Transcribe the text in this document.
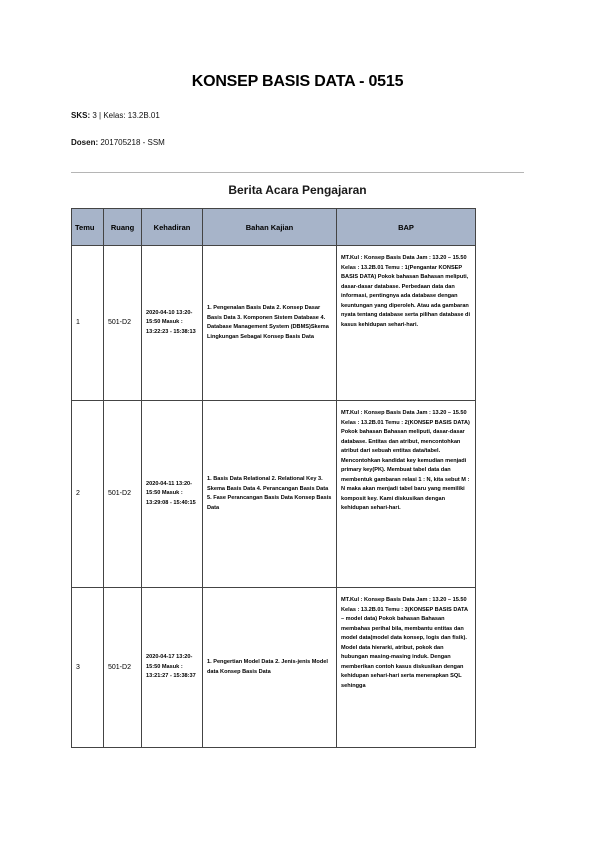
KONSEP BASIS DATA - 0515
SKS: 3 | Kelas: 13.2B.01
Dosen: 201705218 - SSM
Berita Acara Pengajaran
Temu	Ruang	Kehadiran	Bahan Kajian	BAP
1	501-D2	2020-04-10 13:20-15:50 Masuk : 13:22:23 - 15:38:13	1. Pengenalan Basis Data 2. Konsep Dasar Basis Data 3. Komponen Sistem Database 4. Database Management System (DBMS)Skema Lingkungan Sebagai Konsep Basis Data	MT.Kul : Konsep Basis Data Jam : 13.20 – 15.50 Kelas : 13.2B.01 Temu : 1(Pengantar KONSEP BASIS DATA) Pokok bahasan Bahasan meliputi, dasar-dasar database. Perbedaan data dan informasi, pentingnya ada database dengan keuntungan yang diperoleh. Atau ada gambaran nyata tentang database serta pilihan database di kasus kehidupan sehari-hari.
2	501-D2	2020-04-11 13:20-15:50 Masuk : 13:29:08 - 15:40:15	1. Basis Data Relational 2. Relational Key 3. Skema Basis Data 4. Perancangan Basis Data 5. Fase Perancangan Basis Data Konsep Basis Data	MT.Kul : Konsep Basis Data Jam : 13.20 – 15.50 Kelas : 13.2B.01 Temu : 2(KONSEP BASIS DATA) Pokok bahasan Bahasan meliputi, dasar-dasar database. Entitas dan atribut, mencontohkan atribut dari sebuah entitas data/tabel. Mencontohkan kandidat key kemudian menjadi primary key(PK). Membuat tabel data dan membentuk gambaran relasi 1 : N, kita sebut M : N maka akan menjadi tabel baru yang memiliki komposit key. Kami diskusikan dengan kehidupan sehari-hari.
3	501-D2	2020-04-17 13:20-15:50 Masuk : 13:21:27 - 15:38:37	1. Pengertian Model Data 2. Jenis-jenis Model data Konsep Basis Data	MT.Kul : Konsep Basis Data Jam : 13.20 – 15.50 Kelas : 13.2B.01 Temu : 3(KONSEP BASIS DATA – model data) Pokok bahasan Bahasan membahas perihal bila, membantu entitas dan model data(model data konsep, logis dan fisik). Model data hierarki, atribut, pokok dan hubungan masing-masing induk. Dengan memberikan contoh kasus diskusikan dengan kehidupan sehari-hari serta menerapkan SQL sehingga
